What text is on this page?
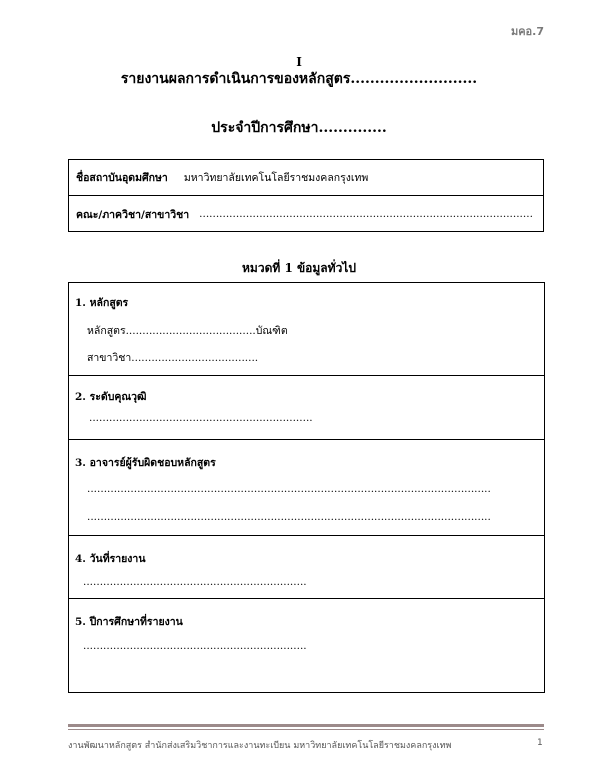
มคอ.7
I
รายงานผลการดำเนินการของหลักสูตร..........................
ประจำปีการศึกษา..............
ชื่อสถาบันอุดมศึกษา มหาวิทยาลัยเทคโนโลยีราชมงคลกรุงเทพ
คณะ/ภาควิชา/สาขาวิชา ....................................................................................................
หมวดที่ 1 ข้อมูลทั่วไป
1. หลักสูตร
หลักสูตร.......................................บัณฑิต
สาขาวิชา......................................
2. ระดับคุณวุฒิ
...................................................................
3. อาจารย์ผู้รับผิดชอบหลักสูตร
.........................................................................................................................
.........................................................................................................................
4. วันที่รายงาน
...................................................................
5. ปีการศึกษาที่รายงาน
...................................................................
งานพัฒนาหลักสูตร สำนักส่งเสริมวิชาการและงานทะเบียน มหาวิทยาลัยเทคโนโลยีราชมงคลกรุงเทพ	1
